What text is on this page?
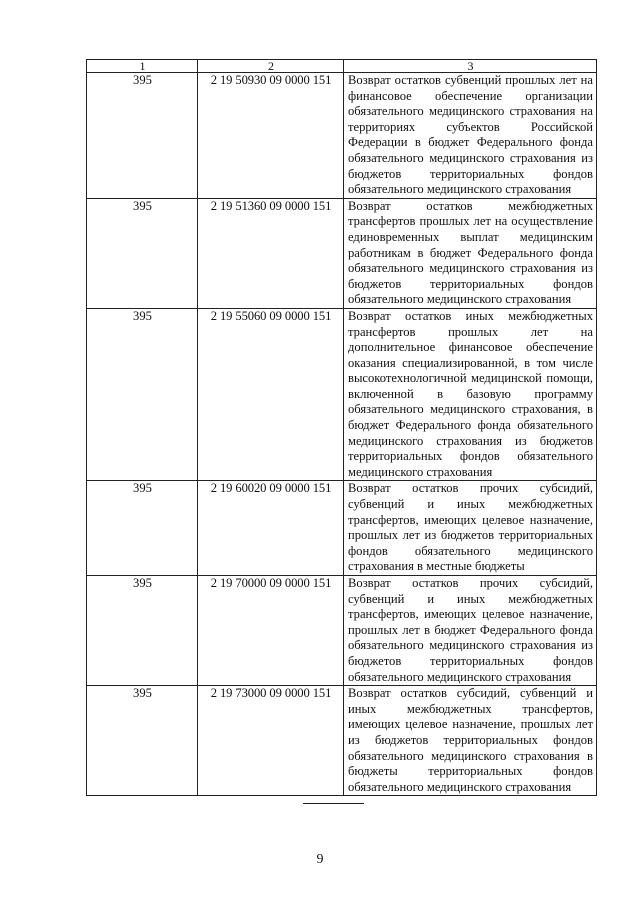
1	2	3
395	2 19 50930 09 0000 151	Возврат остатков субвенций прошлых лет на финансовое обеспечение организации обязательного медицинского страхования на территориях субъектов Российской Федерации в бюджет Федерального фонда обязательного медицинского страхования из бюджетов территориальных фондов обязательного медицинского страхования
395	2 19 51360 09 0000 151	Возврат остатков межбюджетных трансфертов прошлых лет на осуществление единовременных выплат медицинским работникам в бюджет Федерального фонда обязательного медицинского страхования из бюджетов территориальных фондов обязательного медицинского страхования
395	2 19 55060 09 0000 151	Возврат остатков иных межбюджетных трансфертов прошлых лет на дополнительное финансовое обеспечение оказания специализированной, в том числе высокотехнологичной медицинской помощи, включенной в базовую программу обязательного медицинского страхования, в бюджет Федерального фонда обязательного медицинского страхования из бюджетов территориальных фондов обязательного медицинского страхования
395	2 19 60020 09 0000 151	Возврат остатков прочих субсидий, субвенций и иных межбюджетных трансфертов, имеющих целевое назначение, прошлых лет из бюджетов территориальных фондов обязательного медицинского страхования в местные бюджеты
395	2 19 70000 09 0000 151	Возврат остатков прочих субсидий, субвенций и иных межбюджетных трансфертов, имеющих целевое назначение, прошлых лет в бюджет Федерального фонда обязательного медицинского страхования из бюджетов территориальных фондов обязательного медицинского страхования
395	2 19 73000 09 0000 151	Возврат остатков субсидий, субвенций и иных межбюджетных трансфертов, имеющих целевое назначение, прошлых лет из бюджетов территориальных фондов обязательного медицинского страхования в бюджеты территориальных фондов обязательного медицинского страхования
9
